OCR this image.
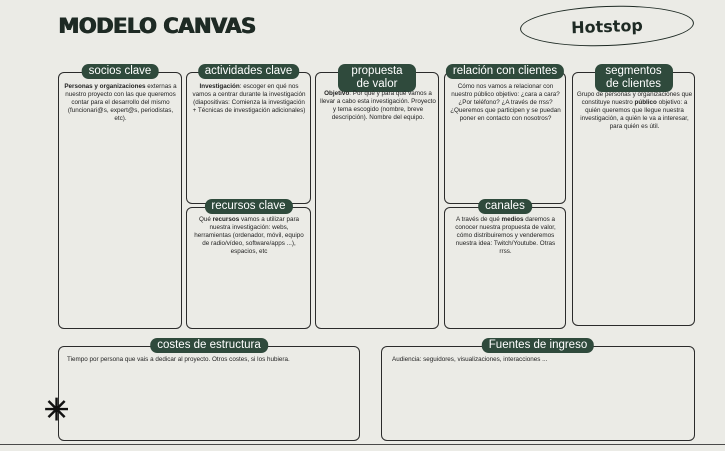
MODELO CANVAS	Hotstop
socios clave
Personas y organizaciones externas a nuestro proyecto con las que queremos contar para el desarrollo del mismo (funcionari@s, expert@s, periodistas, etc).
actividades clave
Investigación: escoger en qué nos vamos a centrar durante la investigación (diapositivas: Comienza la investigación + Técnicas de investigación adicionales)
recursos clave
Qué recursos vamos a utilizar para nuestra investigación: webs, herramientas (ordenador, móvil, equipo de radio/vídeo, software/apps ...), espacios, etc
propuesta de valor
Objetivo: Por qué y para qué vamos a llevar a cabo esta investigación. Proyecto y tema escogido (nombre, breve descripción). Nombre del equipo.
relación con clientes
Cómo nos vamos a relacionar con nuestro público objetivo: ¿cara a cara? ¿Por teléfono? ¿A través de rrss? ¿Queremos que participen y se puedan poner en contacto con nosotros?
canales
A través de qué medios daremos a conocer nuestra propuesta de valor, cómo distribuiremos y venderemos nuestra idea: Twitch/Youtube. Otras rrss.
segmentos de clientes
Grupo de personas y organizaciones que constituye nuestro público objetivo: a quién queremos que llegue nuestra investigación, a quién le va a interesar, para quién es útil.
costes de estructura
Tiempo por persona que vais a dedicar al proyecto. Otros costes, si los hubiera.
Fuentes de ingreso
Audiencia: seguidores, visualizaciones, interacciones ...
✳
